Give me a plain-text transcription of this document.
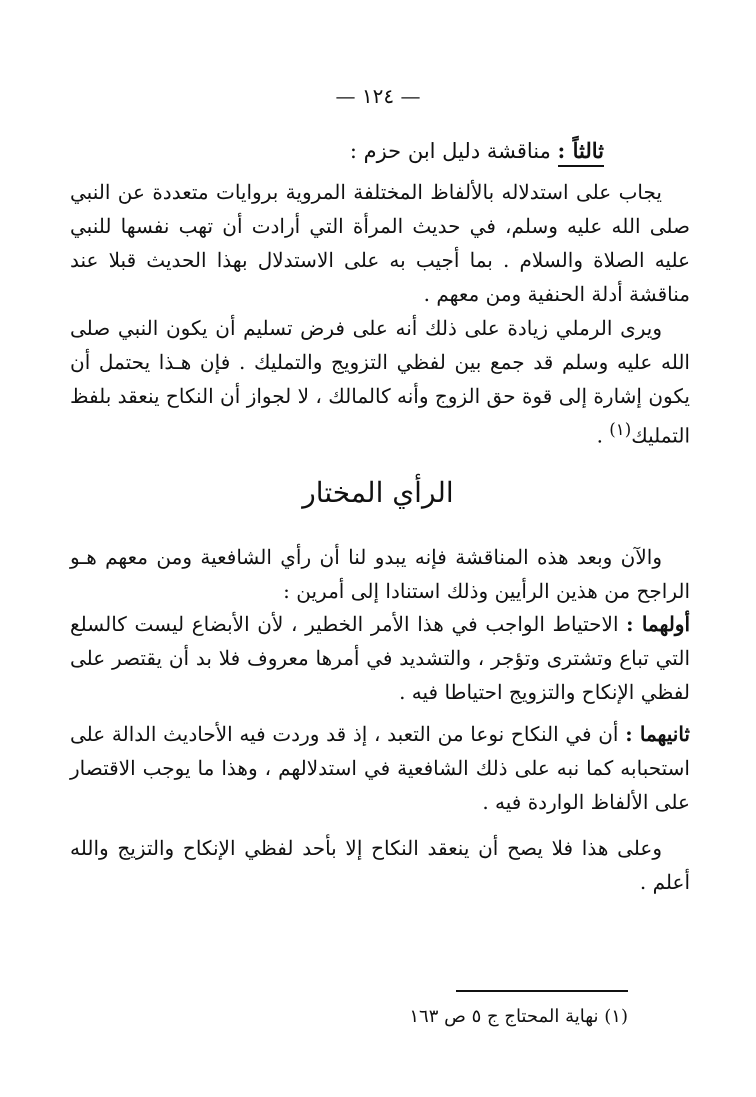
— ١٢٤ —
ثالثاً : مناقشة دليل ابن حزم :

يجاب على استدلاله بالألفاظ المختلفة المروية بروايات متعددة عن النبي صلى الله عليه وسلم، في حديث المرأة التي أرادت أن تهب نفسها للنبي عليه الصلاة والسلام . بما أجيب به على الاستدلال بهذا الحديث قبلا عند مناقشة أدلة الحنفية ومن معهم .

ويرى الرملي زيادة على ذلك أنه على فرض تسليم أن يكون النبي صلى الله عليه وسلم قد جمع بين لفظي التزويج والتمليك . فإن هـذا يحتمل أن يكون إشارة إلى قوة حق الزوج وأنه كالمالك ، لا لجواز أن النكاح ينعقد بلفظ التمليك$^{(١)}$ .

الرأي المختار

والآن وبعد هذه المناقشة فإنه يبدو لنا أن رأي الشافعية ومن معهم هـو الراجح من هذين الرأيين وذلك استنادا إلى أمرين :

أولهما : الاحتياط الواجب في هذا الأمر الخطير ، لأن الأبضاع ليست كالسلع التي تباع وتشترى وتؤجر ، والتشديد في أمرها معروف فلا بد أن يقتصر على لفظي الإنكاح والتزويج احتياطا فيه .

ثانيهما : أن في النكاح نوعا من التعبد ، إذ قد وردت فيه الأحاديث الدالة على استحبابه كما نبه على ذلك الشافعية في استدلالهم ، وهذا ما يوجب الاقتصار على الألفاظ الواردة فيه .

وعلى هذا فلا يصح أن ينعقد النكاح إلا بأحد لفظي الإنكاح والتزيج والله أعلم .

(١) نهاية المحتاج ج ٥ ص ١٦٣
